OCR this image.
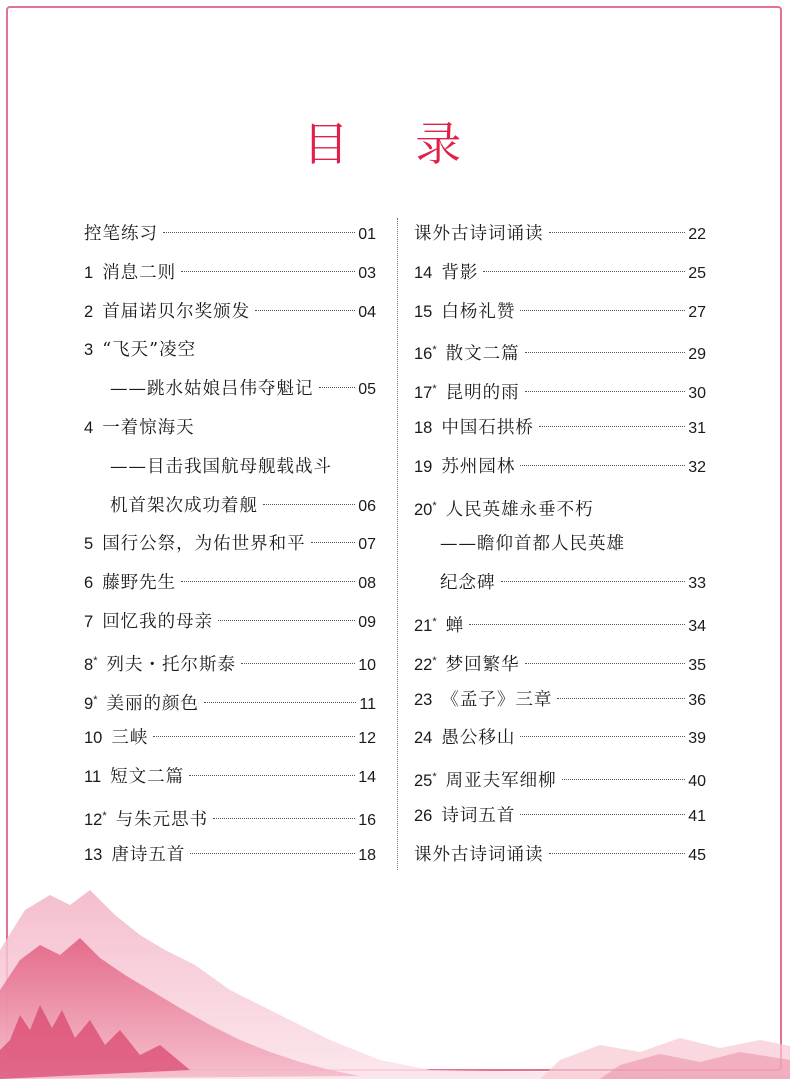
目 录
控笔练习	01
1 消息二则	03
2 首届诺贝尔奖颁发	04
3 “飞天”凌空
——跳水姑娘吕伟夺魁记	05
4 一着惊海天
——目击我国航母舰载战斗
机首架次成功着舰	06
5 国行公祭，为佑世界和平	07
6 藤野先生	08
7 回忆我的母亲	09
8* 列夫・托尔斯泰	10
9* 美丽的颜色	11
10 三峡	12
11 短文二篇	14
12* 与朱元思书	16
13 唐诗五首	18
课外古诗词诵读	22
14 背影	25
15 白杨礼赞	27
16* 散文二篇	29
17* 昆明的雨	30
18 中国石拱桥	31
19 苏州园林	32
20* 人民英雄永垂不朽
——瞻仰首都人民英雄
纪念碑	33
21* 蝉	34
22* 梦回繁华	35
23 《孟子》三章	36
24 愚公移山	39
25* 周亚夫军细柳	40
26 诗词五首	41
课外古诗词诵读	45
